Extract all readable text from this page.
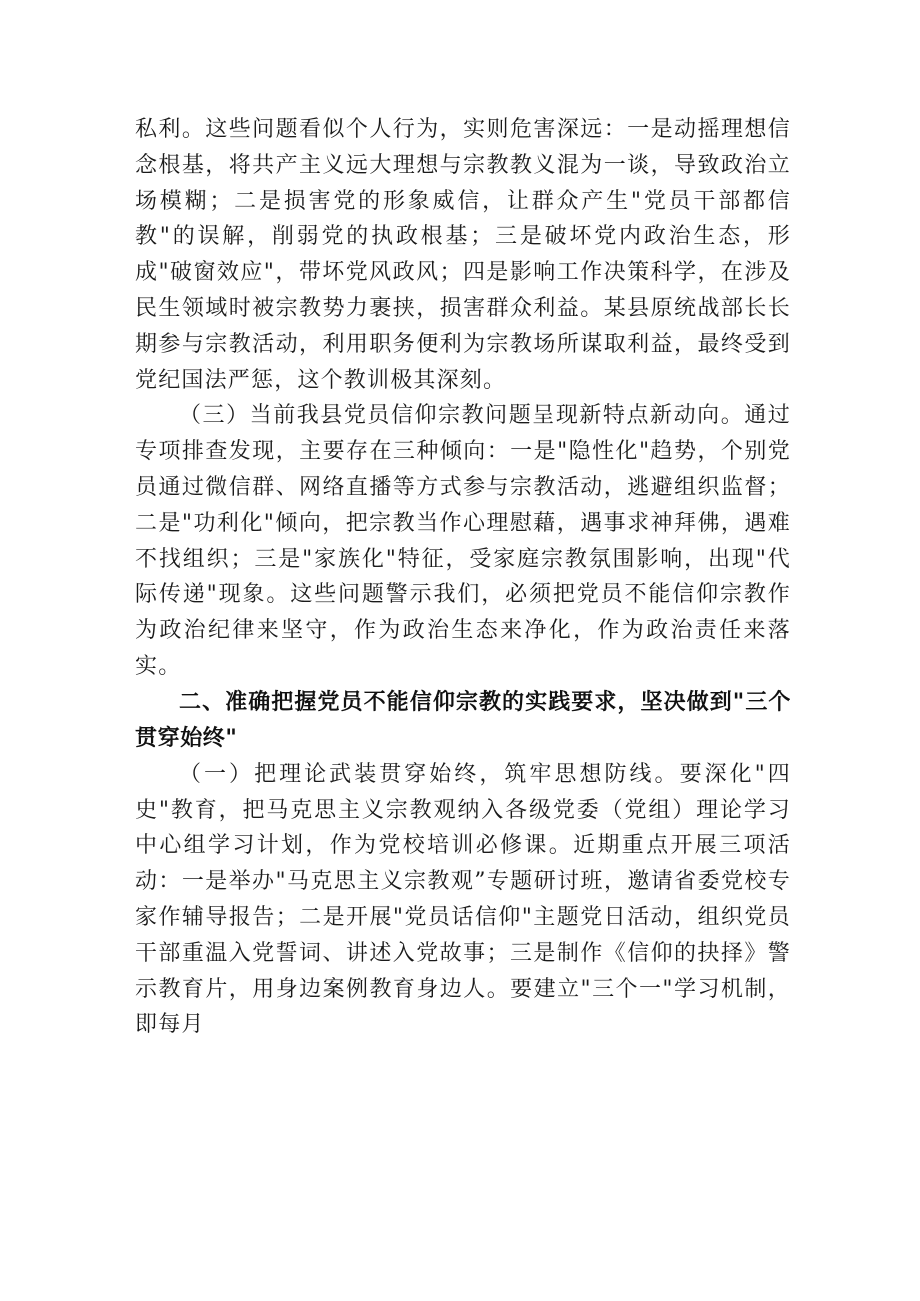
私利。这些问题看似个人行为，实则危害深远：一是动摇理想信念根基，将共产主义远大理想与宗教教义混为一谈，导致政治立场模糊；二是损害党的形象威信，让群众产生"党员干部都信教"的误解，削弱党的执政根基；三是破坏党内政治生态，形成"破窗效应"，带坏党风政风；四是影响工作决策科学，在涉及民生领域时被宗教势力裹挟，损害群众利益。某县原统战部长长期参与宗教活动，利用职务便利为宗教场所谋取利益，最终受到党纪国法严惩，这个教训极其深刻。

（三）当前我县党员信仰宗教问题呈现新特点新动向。通过专项排查发现，主要存在三种倾向：一是"隐性化"趋势，个别党员通过微信群、网络直播等方式参与宗教活动，逃避组织监督；二是"功利化"倾向，把宗教当作心理慰藉，遇事求神拜佛，遇难不找组织；三是"家族化"特征，受家庭宗教氛围影响，出现"代际传递"现象。这些问题警示我们，必须把党员不能信仰宗教作为政治纪律来坚守，作为政治生态来净化，作为政治责任来落实。

二、准确把握党员不能信仰宗教的实践要求，坚决做到"三个贯穿始终"

（一）把理论武装贯穿始终，筑牢思想防线。要深化"四史"教育，把马克思主义宗教观纳入各级党委（党组）理论学习中心组学习计划，作为党校培训必修课。近期重点开展三项活动：一是举办"马克思主义宗教观”专题研讨班，邀请省委党校专家作辅导报告；二是开展"党员话信仰"主题党日活动，组织党员干部重温入党誓词、讲述入党故事；三是制作《信仰的抉择》警示教育片，用身边案例教育身边人。要建立"三个一"学习机制，即每月
